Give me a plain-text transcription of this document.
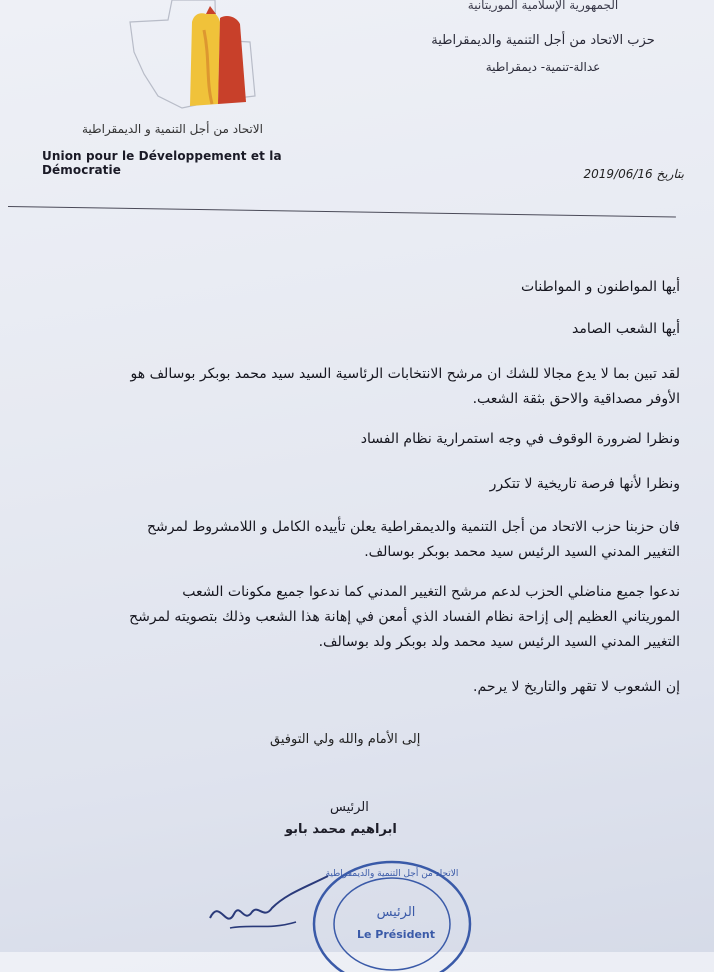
الجمهورية الإسلامية الموريتانية
حزب الاتحاد من أجل التنمية والديمقراطية
عدالة-تنمية- ديمقراطية
الاتحاد من أجل التنمية و الديمقراطية
Union pour le Développement et la Démocratie	بتاريخ 2019/06/16

أيها المواطنون و المواطنات

أيها الشعب الصامد

لقد تبين بما لا يدع مجالا للشك ان مرشح الانتخابات الرئاسية السيد سيد محمد بوبكر بوسالف هو

الأوفر مصداقية والاحق بثقة الشعب.

ونظرا لضرورة الوقوف في وجه استمرارية نظام الفساد

ونظرا لأنها فرصة تاريخية لا تتكرر

فان حزبنا حزب الاتحاد من أجل التنمية والديمقراطية يعلن تأييده الكامل و اللامشروط لمرشح

التغيير المدني السيد الرئيس سيد محمد بوبكر بوسالف.

ندعوا جميع مناضلي الحزب لدعم مرشح التغيير المدني كما ندعوا جميع مكونات الشعب

الموريتاني العظيم إلى إزاحة نظام الفساد الذي أمعن في إهانة هذا الشعب وذلك بتصويته لمرشح

التغيير المدني السيد الرئيس سيد محمد ولد بوبكر ولد بوسالف.

إن الشعوب لا تقهر والتاريخ لا يرحم.

إلى الأمام والله ولي التوفيق
الرئيس
ابراهيم محمد بابو
الاتحاد من أجل التنمية والديمقراطية
الرئيس
Le Président
